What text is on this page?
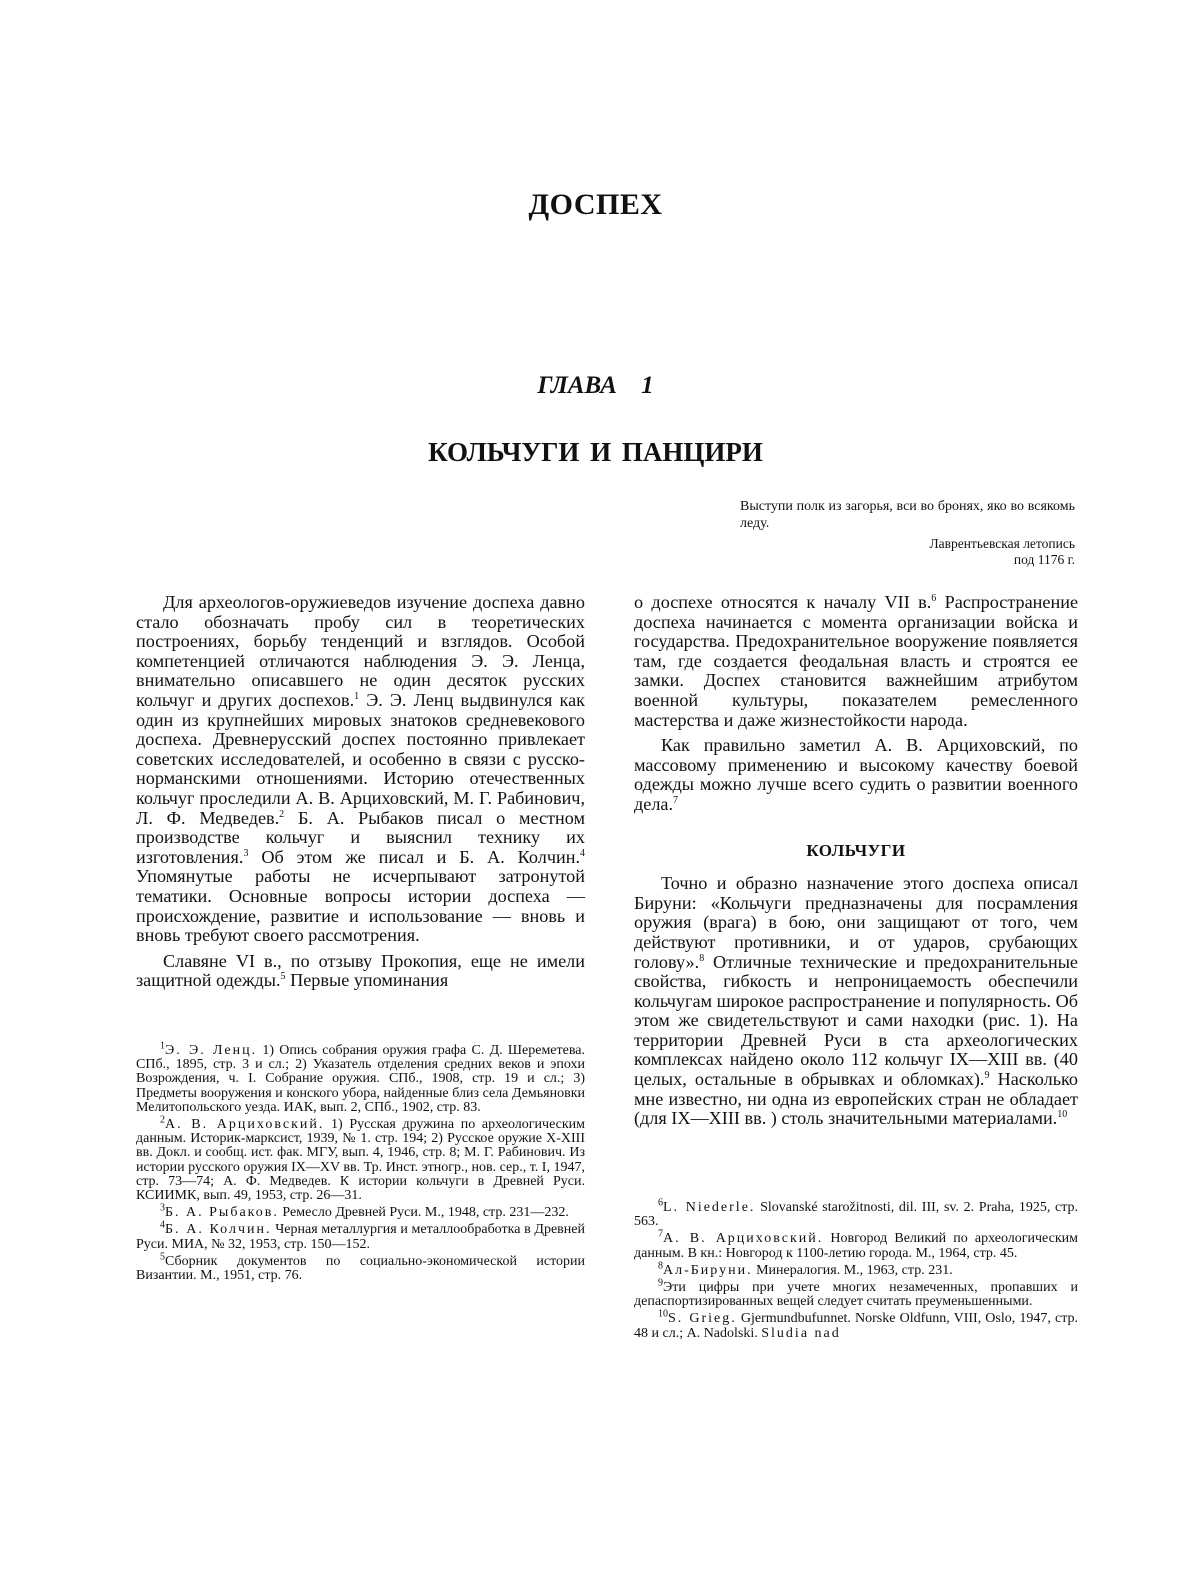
ДОСПЕХ
ГЛАВА 1
КОЛЬЧУГИ И ПАНЦИРИ
Выступи полк из загорья, вси во бронях, яко во всякомь леду.
Лаврентьевская летопись
под 1176 г.

Для археологов-оружиеведов изучение доспеха давно стало обозначать пробу сил в теоретических построениях, борьбу тенденций и взглядов. Особой компетенцией отличаются наблюдения Э. Э. Ленца, внимательно описавшего не один десяток русских кольчуг и других доспехов.$^1$ Э. Э. Ленц выдвинулся как один из крупнейших мировых знатоков средневекового доспеха. Древнерусский доспех постоянно привлекает советских исследователей, и особенно в связи с русско-норманскими отношениями. Историю отечественных кольчуг проследили А. В. Арциховский, М. Г. Рабинович, Л. Ф. Медведев.$^2$ Б. А. Рыбаков писал о местном производстве кольчуг и выяснил технику их изготовления.$^3$ Об этом же писал и Б. А. Колчин.$^4$ Упомянутые работы не исчерпывают затронутой тематики. Основные вопросы истории доспеха — происхождение, развитие и использование — вновь и вновь требуют своего рассмотрения.

Славяне VI в., по отзыву Прокопия, еще не имели защитной одежды.$^5$ Первые упоминания

о доспехе относятся к началу VII в.$^6$ Распространение доспеха начинается с момента организации войска и государства. Предохранительное вооружение появляется там, где создается феодальная власть и строятся ее замки. Доспех становится важнейшим атрибутом военной культуры, показателем ремесленного мастерства и даже жизнестойкости народа.

Как правильно заметил А. В. Арциховский, по массовому применению и высокому качеству боевой одежды можно лучше всего судить о развитии военного дела.$^7$

КОЛЬЧУГИ

Точно и образно назначение этого доспеха описал Бируни: «Кольчуги предназначены для посрамления оружия (врага) в бою, они защищают от того, чем действуют противники, и от ударов, срубающих голову».$^8$ Отличные технические и предохранительные свойства, гибкость и непроницаемость обеспечили кольчугам широкое распространение и популярность. Об этом же свидетельствуют и сами находки (рис. 1). На территории Древней Руси в ста археологических комплексах найдено около 112 кольчуг IX—XIII вв. (40 целых, остальные в обрывках и обломках).$^9$ Насколько мне известно, ни одна из европейских стран не обладает (для IX—XIII вв. ) столь значительными материалами.$^{10}$

$^1$Э. Э. Ленц. 1) Опись собрания оружия графа С. Д. Шереметева. СПб., 1895, стр. 3 и сл.; 2) Указатель отделения средних веков и эпохи Возрождения, ч. I. Собрание оружия. СПб., 1908, стр. 19 и сл.; 3) Предметы вооружения и конского убора, найденные близ села Демьяновки Мелитопольского уезда. ИАК, вып. 2, СПб., 1902, стр. 83.

$^2$А. В. Арциховский. 1) Русская дружина по археологическим данным. Историк-марксист, 1939, № 1. стр. 194; 2) Русское оружие X-XIII вв. Докл. и сообщ. ист. фак. МГУ, вып. 4, 1946, стр. 8; М. Г. Рабинович. Из истории русского оружия IX—XV вв. Тр. Инст. этногр., нов. сер., т. I, 1947, стр. 73—74; А. Ф. Медведев. К истории кольчуги в Древней Руси. КСИИМК, вып. 49, 1953, стр. 26—31.

$^3$Б. А. Рыбаков. Ремесло Древней Руси. М., 1948, стр. 231—232.

$^4$Б. А. Колчин. Черная металлургия и металлообработка в Древней Руси. МИА, № 32, 1953, стр. 150—152.

$^5$Сборник документов по социально-экономической истории Византии. М., 1951, стр. 76.

$^6$L. Niederle. Slovanské starožitnosti, dil. III, sv. 2. Praha, 1925, стр. 563.

$^7$А. В. Арциховский. Новгород Великий по археологическим данным. В кн.: Новгород к 1100-летию города. М., 1964, стр. 45.

$^8$Ал-Бируни. Минералогия. М., 1963, стр. 231.

$^9$Эти цифры при учете многих незамеченных, пропавших и депаспортизированных вещей следует считать преуменьшенными.

$^{10}$S. Grieg. Gjermundbufunnet. Norske Oldfunn, VIII, Oslo, 1947, стр. 48 и сл.; A. Nadolski. Sludia nad
